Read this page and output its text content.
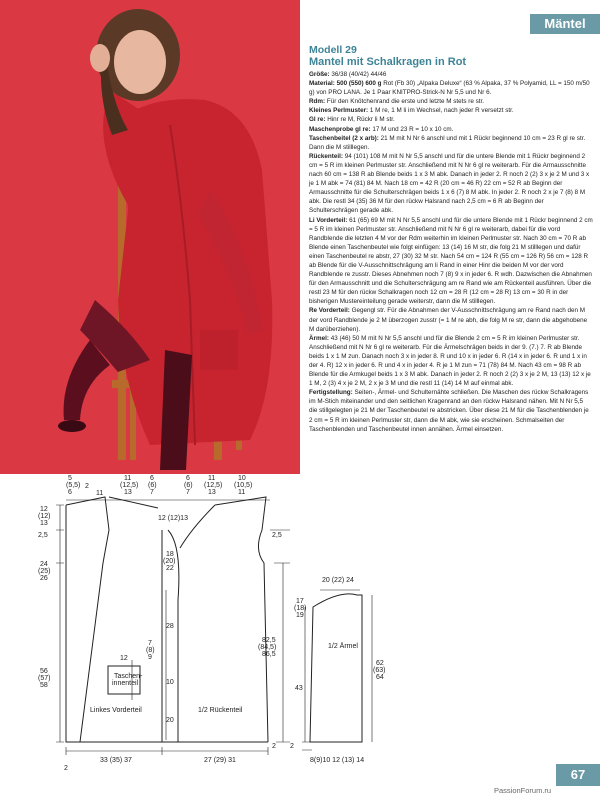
Mäntel
Modell 29
Mantel mit Schalkragen in Rot

Größe: 36/38 (40/42) 44/46

Material: 500 (550) 600 g Rot (Fb 30) „Alpaka Deluxe“ (63 % Alpaka, 37 % Polyamid, LL = 150 m/50 g) von PRO LANA. Je 1 Paar KNITPRO-Strick-N Nr 5,5 und Nr 6.

Rdm: Für den Knötchenrand die erste und letzte M stets re str.

Kleines Perlmuster: 1 M re, 1 M li im Wechsel, nach jeder R versetzt str.

Gl re: Hinr re M, Rückr li M str.

Maschenprobe gl re: 17 M und 23 R = 10 x 10 cm.

Taschenbeitel (2 x arb): 21 M mit N Nr 6 anschl und mit 1 Rückr beginnend 10 cm = 23 R gl re str. Dann die M stilllegen.

Rückenteil: 94 (101) 108 M mit N Nr 5,5 anschl und für die untere Blende mit 1 Rückr beginnend 2 cm = 5 R im kleinen Perlmuster str. Anschließend mit N Nr 6 gl re weiterarb. Für die Armausschnitte nach 60 cm = 138 R ab Blende beids 1 x 3 M abk. Danach in jeder 2. R noch 2 (2) 3 x je 2 M und 3 x je 1 M abk = 74 (81) 84 M. Nach 18 cm = 42 R (20 cm = 46 R) 22 cm = 52 R ab Beginn der Armausschnitte für die Schulterschrägen beids 1 x 6 (7) 8 M abk. In jeder 2. R noch 2 x je 7 (8) 8 M abk. Die restl 34 (35) 36 M für den rückw Halsrand nach 2,5 cm = 6 R ab Beginn der Schulterschrägen gerade abk.

Li Vorderteil: 61 (65) 69 M mit N Nr 5,5 anschl und für die untere Blende mit 1 Rückr beginnend 2 cm = 5 R im kleinen Perlmuster str. Anschließend mit N Nr 6 gl re weiterarb, dabei für die vord Randblende die letzten 4 M vor der Rdm weiterhin im kleinen Perlmuster str. Nach 30 cm = 70 R ab Blende einen Taschenbeutel wie folgt einfügen: 13 (14) 16 M str, die folg 21 M stilllegen und dafür einen Taschenbeutel re abstr, 27 (30) 32 M str. Nach 54 cm = 124 R (55 cm = 126 R) 56 cm = 128 R ab Blende für die V-Ausschnittschrägung am li Rand in einer Hinr die beiden M vor der vord Randblende re zusstr. Dieses Abnehmen noch 7 (8) 9 x in jeder 6. R wdh. Dazwischen die Abnahmen für den Armausschnitt und die Schulterschrägung am re Rand wie am Rückenteil ausführen. Über die restl 23 M für den rückw Schalkragen noch 12 cm = 28 R (12 cm = 28 R) 13 cm = 30 R in der bisherigen Mustereinteilung gerade weiterstr, dann die M stilllegen.

Re Vorderteil: Gegengl str. Für die Abnahmen der V-Ausschnittschrägung am re Rand nach den M der vord Randblende je 2 M überzogen zusstr (= 1 M re abh, die folg M re str, dann die abgehobene M darüberziehen).

Ärmel: 43 (46) 50 M mit N Nr 5,5 anschl und für die Blende 2 cm = 5 R im kleinen Perlmuster str. Anschließend mit N Nr 6 gl re weiterarb. Für die Ärmelschrägen beids in der 9. (7.) 7. R ab Blende beids 1 x 1 M zun. Danach noch 3 x in jeder 8. R und 10 x in jeder 6. R (14 x in jeder 6. R und 1 x in der 4. R) 12 x in jeder 6. R und 4 x in jeder 4. R je 1 M zun = 71 (78) 84 M. Nach 43 cm = 98 R ab Blende für die Armkugel beids 1 x 3 M abk. Danach in jeder 2. R noch 2 (2) 3 x je 2 M, 13 (13) 12 x je 1 M, 2 (3) 4 x je 2 M, 2 x je 3 M und die restl 11 (14) 14 M auf einmal abk.

Fertigstellung: Seiten-, Ärmel- und Schulternähte schließen. Die Maschen des rückw Schalkragens im M-Stich miteinander und den seitlichen Kragenrand an den rückw Halsrand nähen. Mit N Nr 5,5 die stillgelegten je 21 M der Taschenbeutel re abstricken. Über diese 21 M für die Taschenblenden je 2 cm = 5 R im kleinen Perlmuster str, dann die M abk, wie sie erscheinen. Schmalseiten der Taschenblenden und Taschenbeutel innen annähen. Ärmel einsetzen.

5 (5,5) 6
2
11
11 (12,5) 13
6 (6) 7
6 (6) 7
11 (12,5) 13
10 (10,5) 11
12 (12) 13
2,5
24 (25) 26
56 (57) 58
2
12 (12)13
18 (20) 22
28
7 (8) 9
10
20
12
Taschen-innenteil
2,5
82,5 (84,5) 86,5
2
Linkes Vorderteil	1/2 Rückenteil
33 (35) 37	27 (29) 31
20 (22) 24
17 (18) 19
43
62 (63) 64
2
8(9)10 12 (13) 14
1/2 Ärmel
67
PassionForum.ru
